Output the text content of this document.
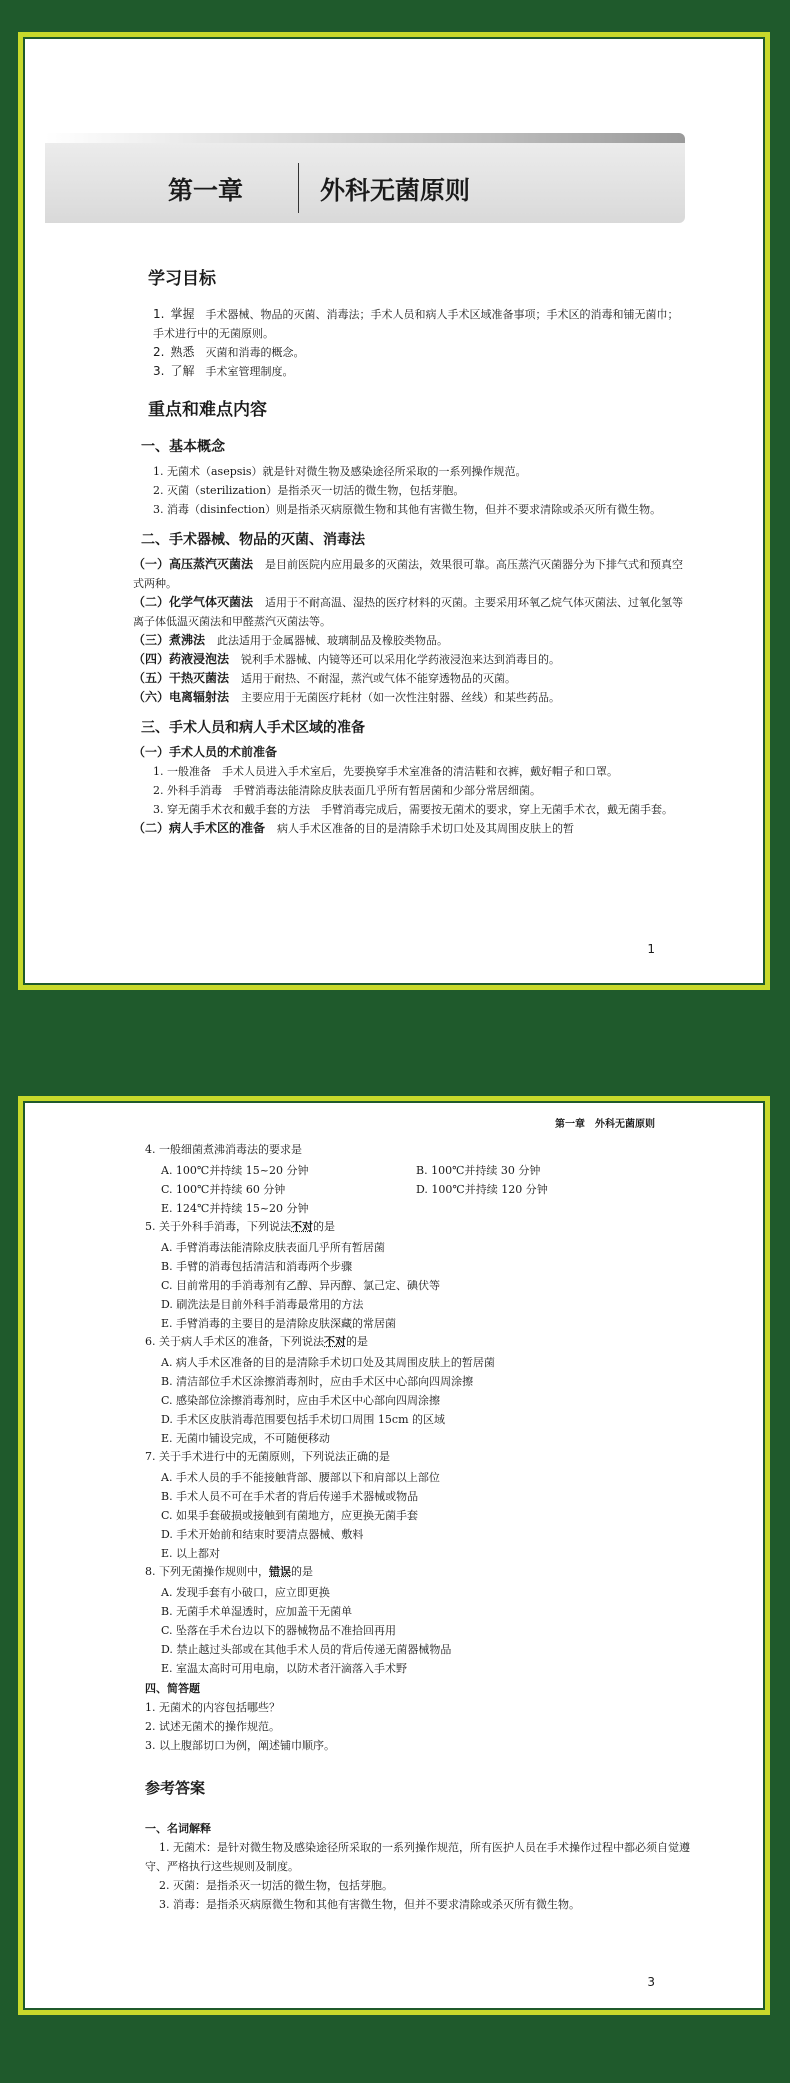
第一章	外科无菌原则
学习目标

1. 掌握　 手术器械、物品的灭菌、消毒法；手术人员和病人手术区域准备事项；手术区的消毒和铺无菌巾；手术进行中的无菌原则。

2. 熟悉　 灭菌和消毒的概念。

3. 了解　 手术室管理制度。

重点和难点内容
一、基本概念

1. 无菌术（asepsis）就是针对微生物及感染途径所采取的一系列操作规范。

2. 灭菌（sterilization）是指杀灭一切活的微生物，包括芽胞。

3. 消毒（disinfection）则是指杀灭病原微生物和其他有害微生物，但并不要求清除或杀灭所有微生物。

二、手术器械、物品的灭菌、消毒法

（一）高压蒸汽灭菌法 是目前医院内应用最多的灭菌法，效果很可靠。高压蒸汽灭菌器分为下排气式和预真空式两种。

（二）化学气体灭菌法 适用于不耐高温、湿热的医疗材料的灭菌。主要采用环氧乙烷气体灭菌法、过氧化氢等离子体低温灭菌法和甲醛蒸汽灭菌法等。

（三）煮沸法 此法适用于金属器械、玻璃制品及橡胶类物品。

（四）药液浸泡法 锐利手术器械、内镜等还可以采用化学药液浸泡来达到消毒目的。

（五）干热灭菌法 适用于耐热、不耐湿，蒸汽或气体不能穿透物品的灭菌。

（六）电离辐射法 主要应用于无菌医疗耗材（如一次性注射器、丝线）和某些药品。

三、手术人员和病人手术区域的准备

（一）手术人员的术前准备

1. 一般准备　手术人员进入手术室后，先要换穿手术室准备的清洁鞋和衣裤，戴好帽子和口罩。

2. 外科手消毒　手臂消毒法能清除皮肤表面几乎所有暂居菌和少部分常居细菌。

3. 穿无菌手术衣和戴手套的方法　手臂消毒完成后，需要按无菌术的要求，穿上无菌手术衣，戴无菌手套。

（二）病人手术区的准备 病人手术区准备的目的是清除手术切口处及其周围皮肤上的暂

1
第一章　外科无菌原则
4. 一般细菌煮沸消毒法的要求是
A. 100℃并持续 15~20 分钟	B. 100℃并持续 30 分钟
C. 100℃并持续 60 分钟	D. 100℃并持续 120 分钟
E. 124℃并持续 15~20 分钟
5. 关于外科手消毒，下列说法不对的是
A. 手臂消毒法能清除皮肤表面几乎所有暂居菌
B. 手臂的消毒包括清洁和消毒两个步骤
C. 目前常用的手消毒剂有乙醇、异丙醇、氯己定、碘伏等
D. 刷洗法是目前外科手消毒最常用的方法
E. 手臂消毒的主要目的是清除皮肤深藏的常居菌
6. 关于病人手术区的准备，下列说法不对的是
A. 病人手术区准备的目的是清除手术切口处及其周围皮肤上的暂居菌
B. 清洁部位手术区涂擦消毒剂时，应由手术区中心部向四周涂擦
C. 感染部位涂擦消毒剂时，应由手术区中心部向四周涂擦
D. 手术区皮肤消毒范围要包括手术切口周围 15cm 的区域
E. 无菌巾铺设完成，不可随便移动
7. 关于手术进行中的无菌原则，下列说法正确的是
A. 手术人员的手不能接触背部、腰部以下和肩部以上部位
B. 手术人员不可在手术者的背后传递手术器械或物品
C. 如果手套破损或接触到有菌地方，应更换无菌手套
D. 手术开始前和结束时要清点器械、敷料
E. 以上都对
8. 下列无菌操作规则中，错误的是
A. 发现手套有小破口，应立即更换
B. 无菌手术单湿透时，应加盖干无菌单
C. 坠落在手术台边以下的器械物品不准拾回再用
D. 禁止越过头部或在其他手术人员的背后传递无菌器械物品
E. 室温太高时可用电扇，以防术者汗滴落入手术野
四、简答题
1. 无菌术的内容包括哪些？
2. 试述无菌术的操作规范。
3. 以上腹部切口为例，阐述铺巾顺序。
参考答案
一、名词解释

1. 无菌术：是针对微生物及感染途径所采取的一系列操作规范，所有医护人员在手术操作过程中都必须自觉遵守、严格执行这些规则及制度。

2. 灭菌：是指杀灭一切活的微生物，包括芽胞。

3. 消毒：是指杀灭病原微生物和其他有害微生物，但并不要求清除或杀灭所有微生物。

3
